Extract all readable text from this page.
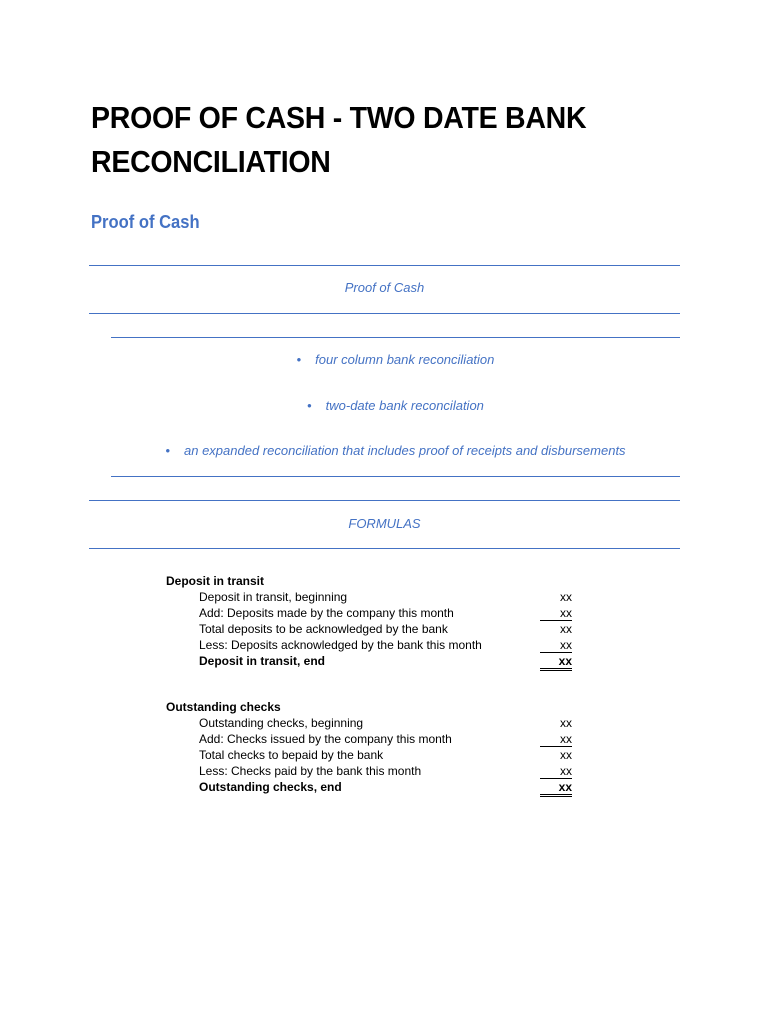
PROOF OF CASH - TWO DATE BANK
RECONCILIATION
Proof of Cash
Proof of Cash
• four column bank reconciliation
• two-date bank reconcilation
• an expanded reconciliation that includes proof of receipts and disbursements
FORMULAS
Deposit in transit
Deposit in transit, beginning	xx
Add: Deposits made by the company this month	xx
Total deposits to be acknowledged by the bank	xx
Less: Deposits acknowledged by the bank this month	xx
Deposit in transit, end	xx
Outstanding checks
Outstanding checks, beginning	xx
Add: Checks issued by the company this month	xx
Total checks to bepaid by the bank	xx
Less: Checks paid by the bank this month	xx
Outstanding checks, end	xx
